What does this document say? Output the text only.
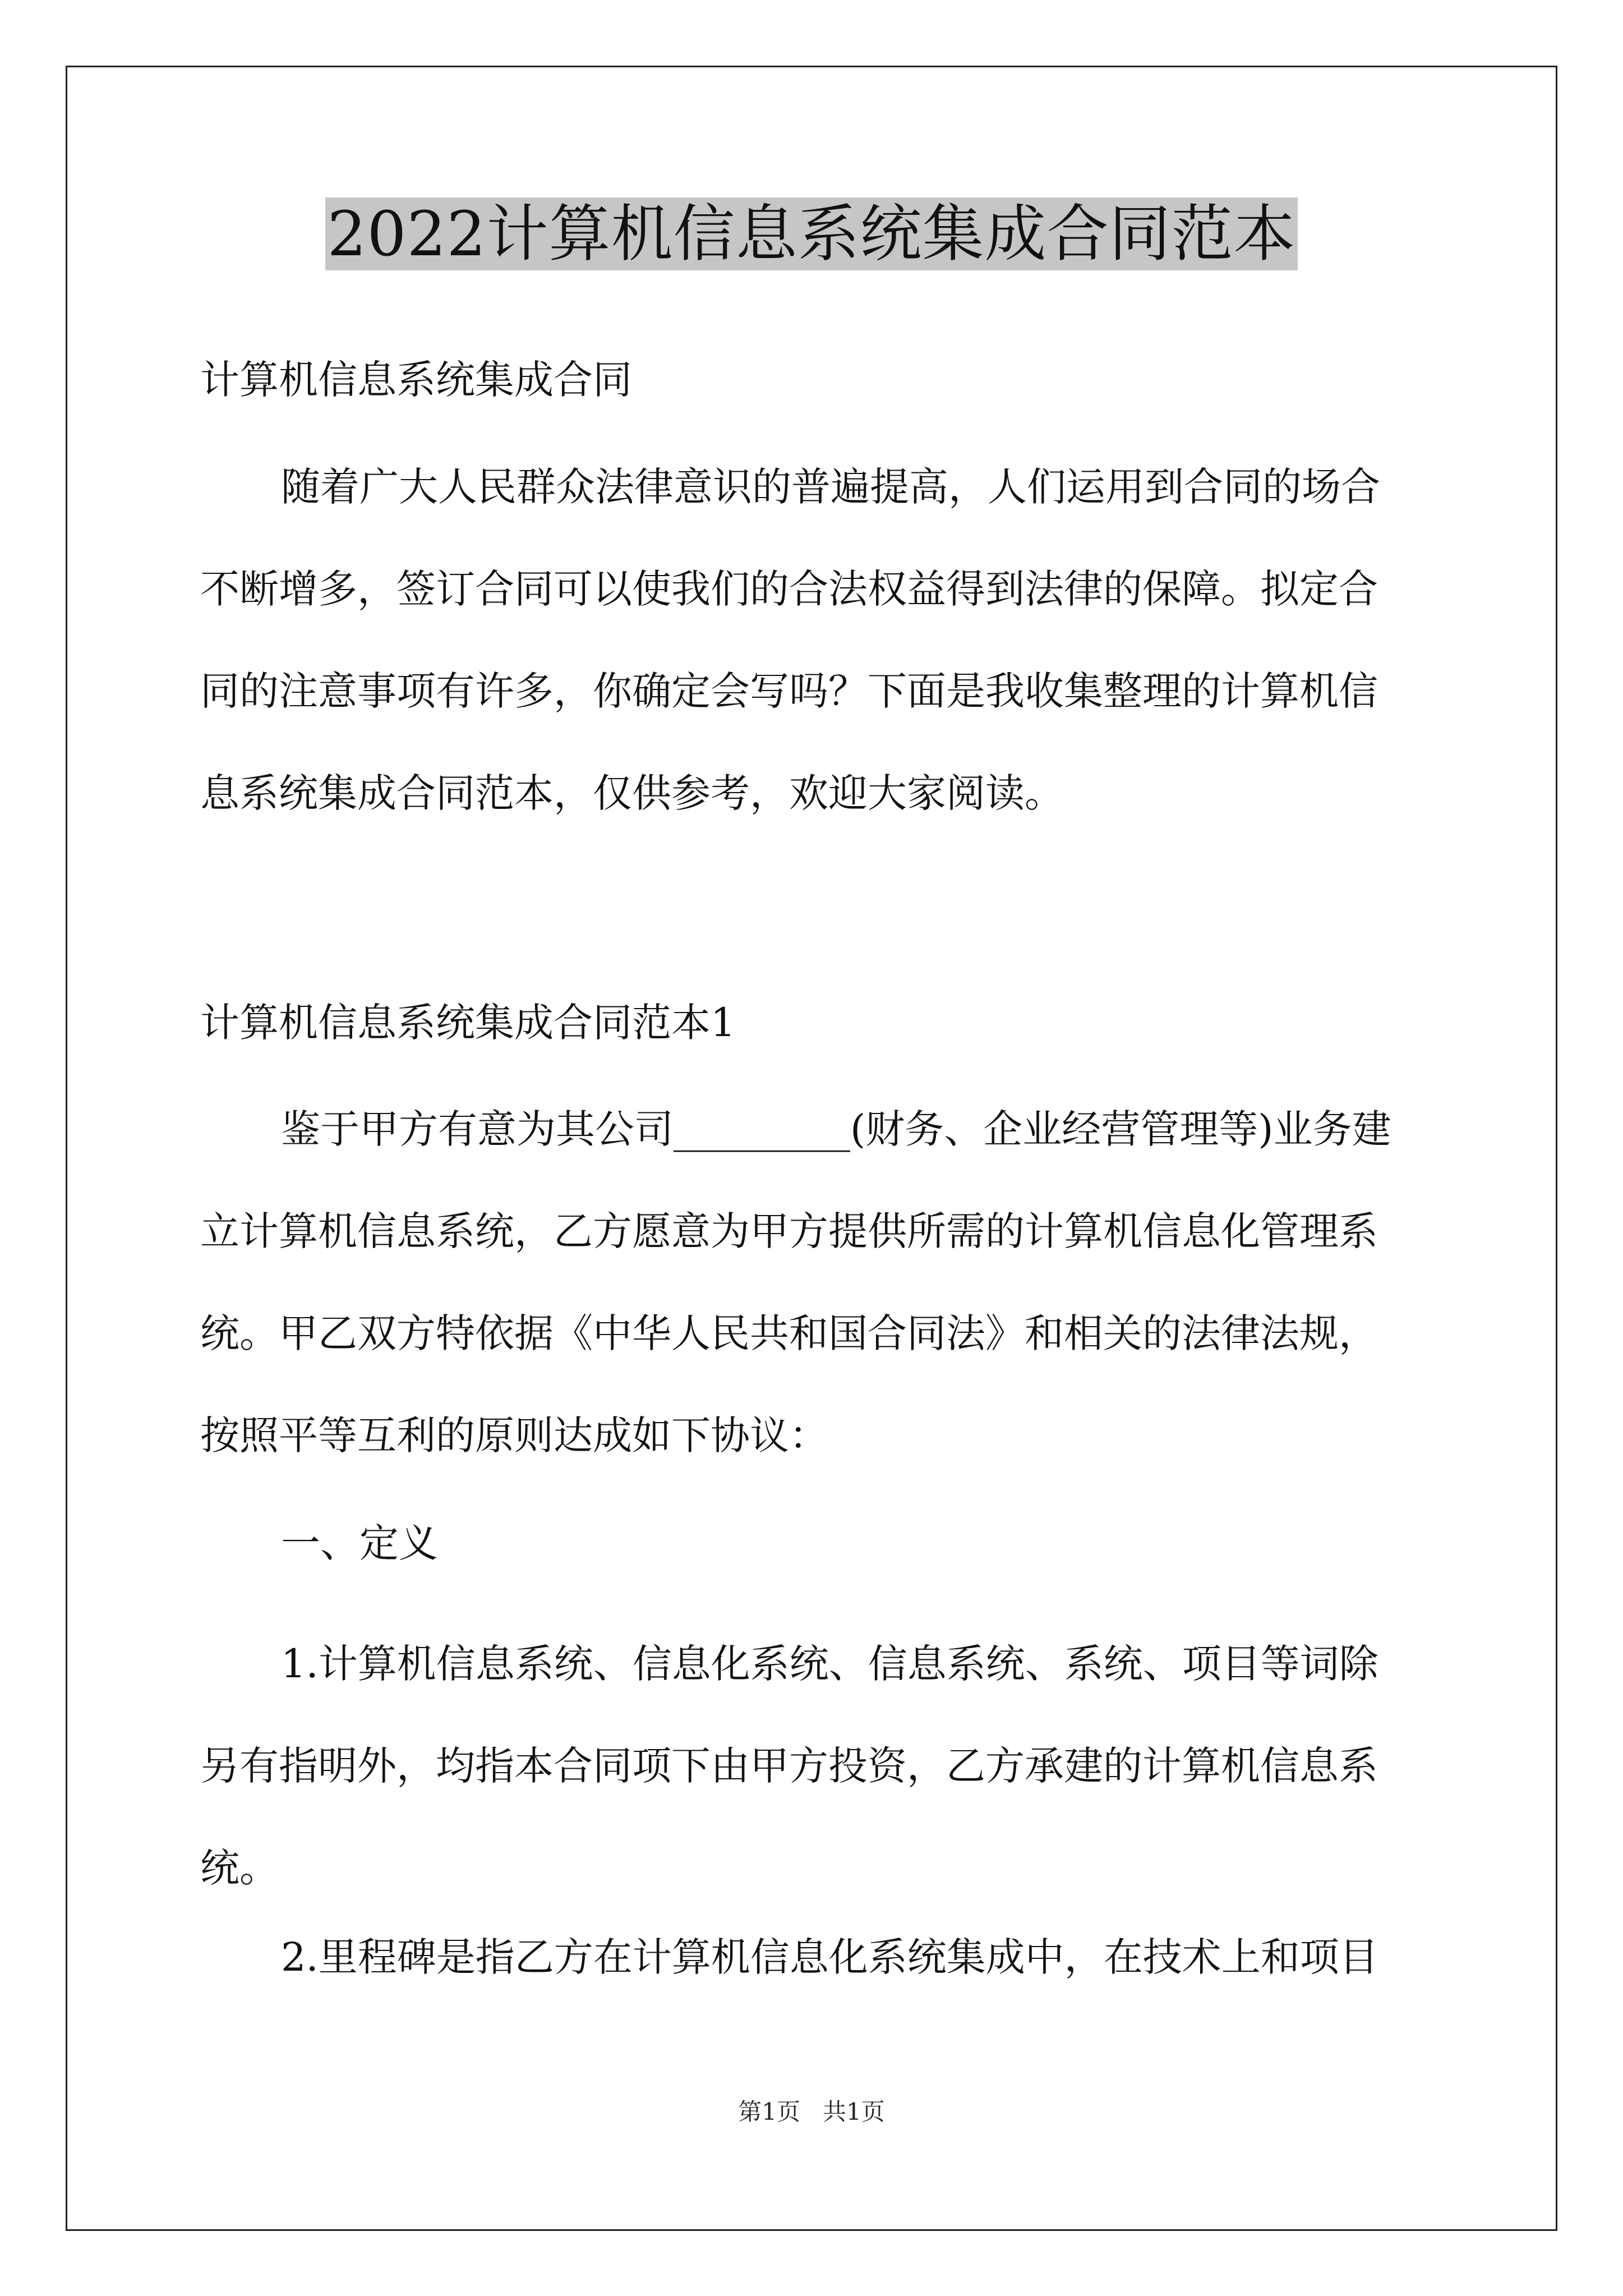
2022计算机信息系统集成合同范本
计算机信息系统集成合同
随着广大人民群众法律意识的普遍提高，人们运用到合同的场合
不断增多，签订合同可以使我们的合法权益得到法律的保障。拟定合
同的注意事项有许多，你确定会写吗？下面是我收集整理的计算机信
息系统集成合同范本，仅供参考，欢迎大家阅读。
计算机信息系统集成合同范本1
鉴于甲方有意为其公司_________(财务、企业经营管理等)业务建
立计算机信息系统，乙方愿意为甲方提供所需的计算机信息化管理系
统。甲乙双方特依据《中华人民共和国合同法》和相关的法律法规，
按照平等互利的原则达成如下协议：
一、定义
1.计算机信息系统、信息化系统、信息系统、系统、项目等词除
另有指明外，均指本合同项下由甲方投资，乙方承建的计算机信息系
统。
2.里程碑是指乙方在计算机信息化系统集成中，在技术上和项目
第1页   共1页
